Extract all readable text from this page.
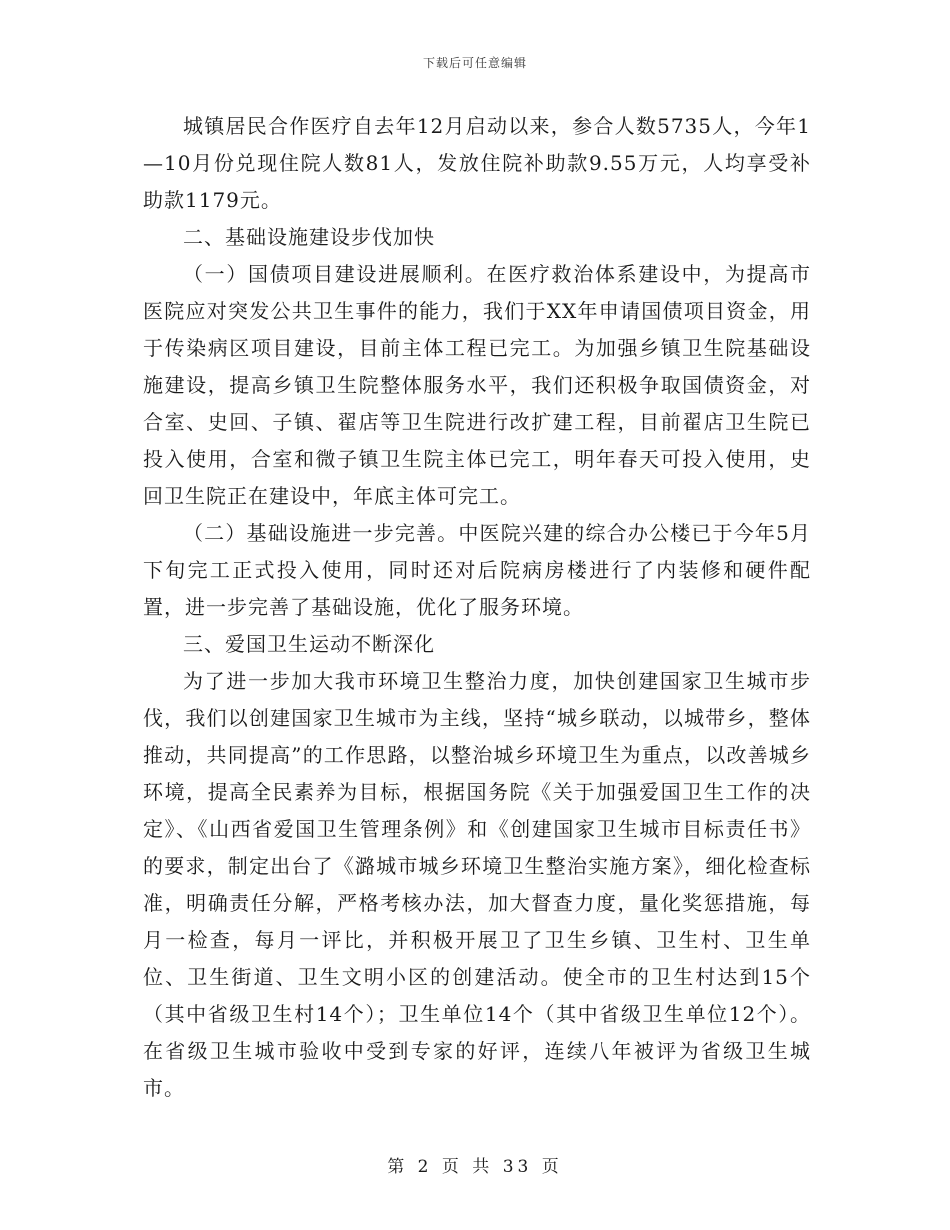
下载后可任意编辑

城镇居民合作医疗自去年12月启动以来，参合人数5735人，今年1—10月份兑现住院人数81人，发放住院补助款9.55万元，人均享受补助款1179元。

二、基础设施建设步伐加快

（一）国债项目建设进展顺利。在医疗救治体系建设中，为提高市医院应对突发公共卫生事件的能力，我们于XX年申请国债项目资金，用于传染病区项目建设，目前主体工程已完工。为加强乡镇卫生院基础设施建设，提高乡镇卫生院整体服务水平，我们还积极争取国债资金，对合室、史回、子镇、翟店等卫生院进行改扩建工程，目前翟店卫生院已投入使用，合室和微子镇卫生院主体已完工，明年春天可投入使用，史回卫生院正在建设中，年底主体可完工。

（二）基础设施进一步完善。中医院兴建的综合办公楼已于今年5月下旬完工正式投入使用，同时还对后院病房楼进行了内装修和硬件配置，进一步完善了基础设施，优化了服务环境。

三、爱国卫生运动不断深化

为了进一步加大我市环境卫生整治力度，加快创建国家卫生城市步伐，我们以创建国家卫生城市为主线，坚持“城乡联动，以城带乡，整体推动，共同提高”的工作思路，以整治城乡环境卫生为重点，以改善城乡环境，提高全民素养为目标，根据国务院《关于加强爱国卫生工作的决定》、《山西省爱国卫生管理条例》和《创建国家卫生城市目标责任书》的要求，制定出台了《潞城市城乡环境卫生整治实施方案》，细化检查标准，明确责任分解，严格考核办法，加大督查力度，量化奖惩措施，每月一检查，每月一评比，并积极开展卫了卫生乡镇、卫生村、卫生单位、卫生街道、卫生文明小区的创建活动。使全市的卫生村达到15个（其中省级卫生村14个）；卫生单位14个（其中省级卫生单位12个）。在省级卫生城市验收中受到专家的好评，连续八年被评为省级卫生城市。

第 2 页 共 33 页
